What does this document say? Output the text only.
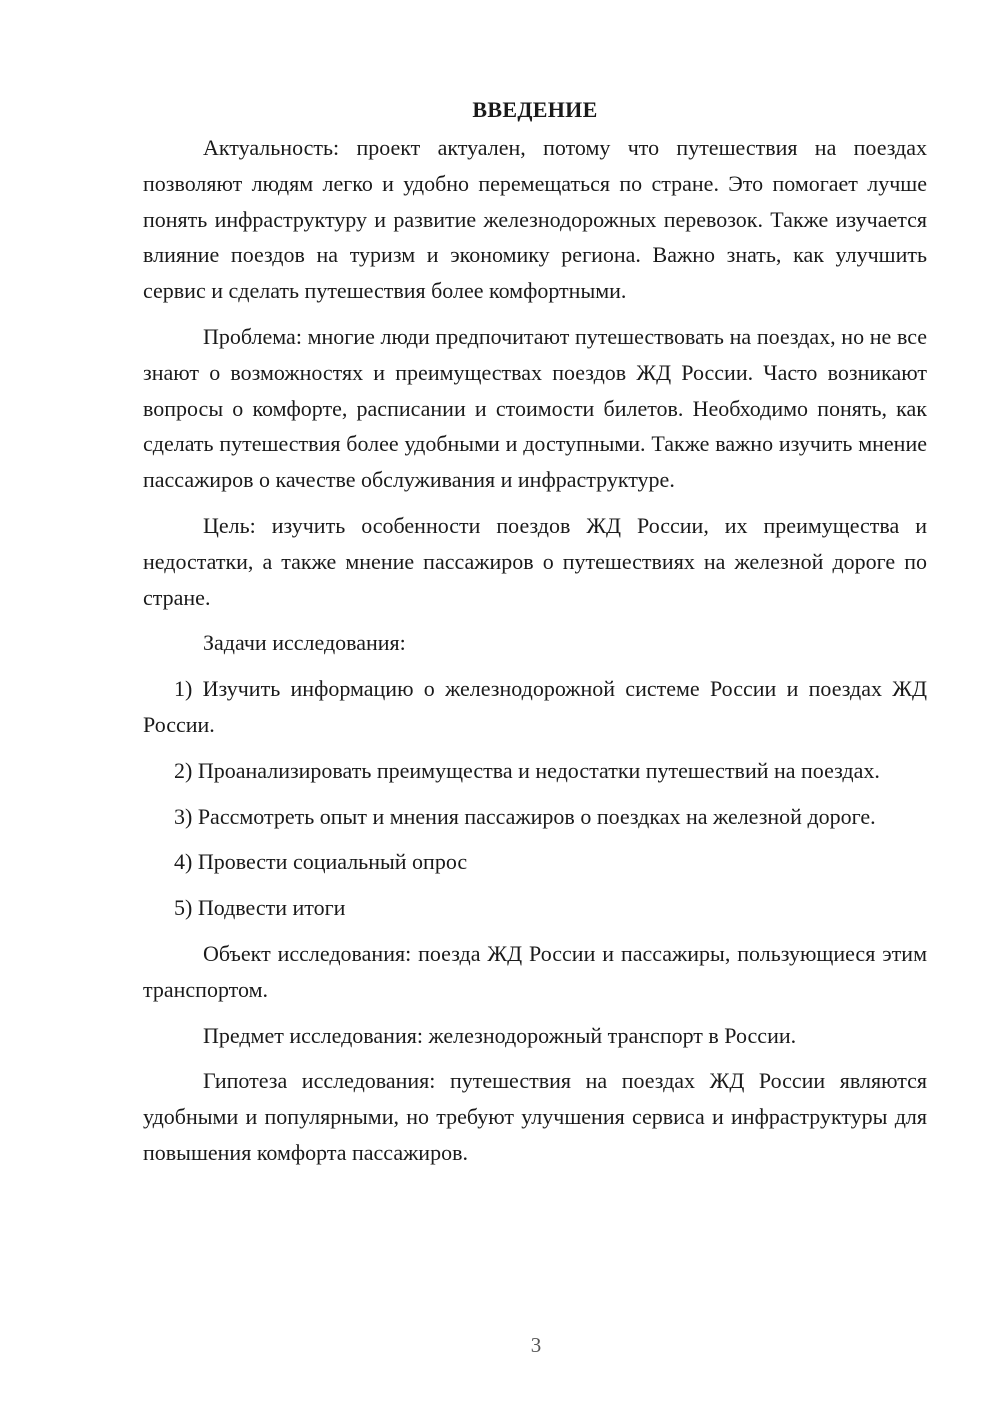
ВВЕДЕНИЕ

Актуальность: проект актуален, потому что путешествия на поездах позволяют людям легко и удобно перемещаться по стране. Это помогает лучше понять инфраструктуру и развитие железнодорожных перевозок. Также изучается влияние поездов на туризм и экономику региона. Важно знать, как улучшить сервис и сделать путешествия более комфортными.

Проблема: многие люди предпочитают путешествовать на поездах, но не все знают о возможностях и преимуществах поездов ЖД России. Часто возникают вопросы о комфорте, расписании и стоимости билетов. Необходимо понять, как сделать путешествия более удобными и доступными. Также важно изучить мнение пассажиров о качестве обслуживания и инфраструктуре.

Цель: изучить особенности поездов ЖД России, их преимущества и недостатки, а также мнение пассажиров о путешествиях на железной дороге по стране.

Задачи исследования:

1) Изучить информацию о железнодорожной системе России и поездах ЖД России.

2) Проанализировать преимущества и недостатки путешествий на поездах.

3) Рассмотреть опыт и мнения пассажиров о поездках на железной дороге.

4) Провести социальный опрос

5) Подвести итоги

Объект исследования: поезда ЖД России и пассажиры, пользующиеся этим транспортом.

Предмет исследования: железнодорожный транспорт в России.

Гипотеза исследования: путешествия на поездах ЖД России являются удобными и популярными, но требуют улучшения сервиса и инфраструктуры для повышения комфорта пассажиров.

3
